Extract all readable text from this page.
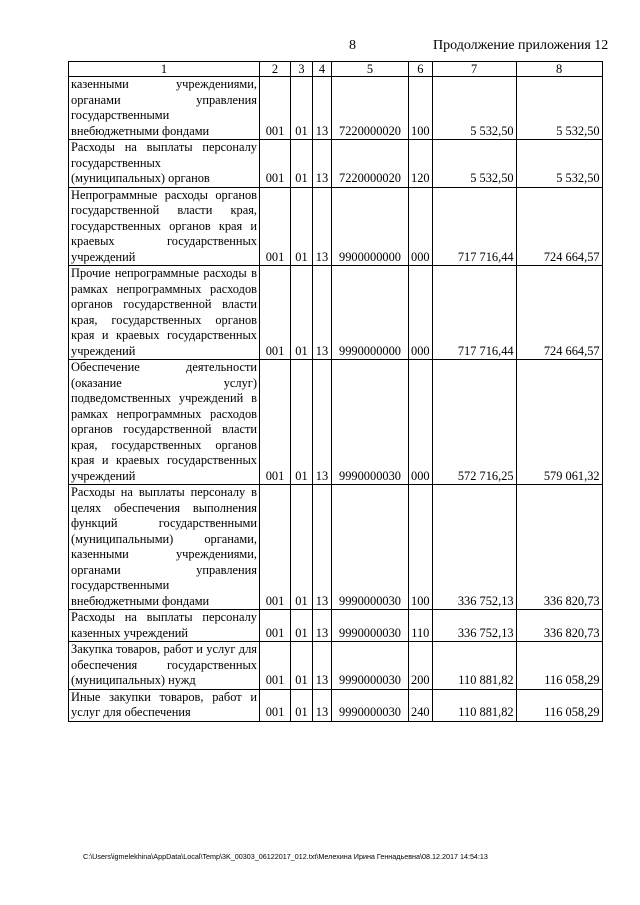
8	Продолжение приложения 12
1	2	3	4	5	6	7	8
казенными учреждениями, органами управления государственными внебюджетными фондами	001	01	13	7220000020	100	5 532,50	5 532,50
Расходы на выплаты персоналу государственных (муниципальных) органов	001	01	13	7220000020	120	5 532,50	5 532,50
Непрограммные расходы органов государственной власти края, государственных органов края и краевых государственных учреждений	001	01	13	9900000000	000	717 716,44	724 664,57
Прочие непрограммные расходы в рамках непрограммных расходов органов государственной власти края, государственных органов края и краевых государственных учреждений	001	01	13	9990000000	000	717 716,44	724 664,57
Обеспечение деятельности (оказание услуг) подведомственных учреждений в рамках непрограммных расходов органов государственной власти края, государственных органов края и краевых государственных учреждений	001	01	13	9990000030	000	572 716,25	579 061,32
Расходы на выплаты персоналу в целях обеспечения выполнения функций государственными (муниципальными) органами, казенными учреждениями, органами управления государственными внебюджетными фондами	001	01	13	9990000030	100	336 752,13	336 820,73
Расходы на выплаты персоналу казенных учреждений	001	01	13	9990000030	110	336 752,13	336 820,73
Закупка товаров, работ и услуг для обеспечения государственных (муниципальных) нужд	001	01	13	9990000030	200	110 881,82	116 058,29
Иные закупки товаров, работ и услуг для обеспечения	001	01	13	9990000030	240	110 881,82	116 058,29
C:\Users\igmelekhina\AppData\Local\Temp\3K_00303_06122017_012.txt\Мелехина Ирина Геннадьевна\08.12.2017 14:54:13
